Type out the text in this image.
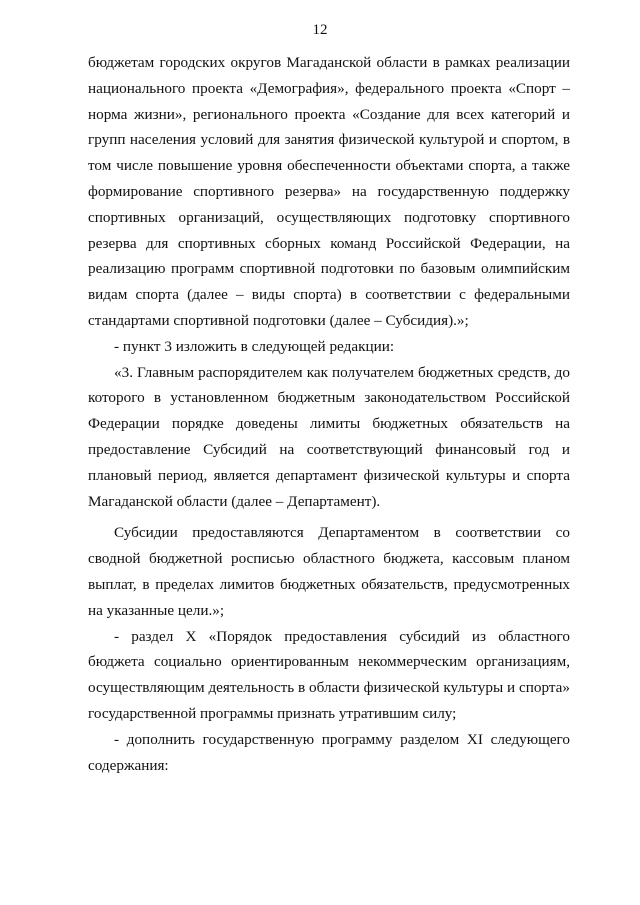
12

бюджетам городских округов Магаданской области в рамках реализации национального проекта «Демография», федерального проекта «Спорт – норма жизни», регионального проекта «Создание для всех категорий и групп населения условий для занятия физической культурой и спортом, в том числе повышение уровня обеспеченности объектами спорта, а также формирование спортивного резерва» на государственную поддержку спортивных организаций, осуществляющих подготовку спортивного резерва для спортивных сборных команд Российской Федерации, на реализацию программ спортивной подготовки по базовым олимпийским видам спорта (далее – виды спорта) в соответствии с федеральными стандартами спортивной подготовки (далее – Субсидия).»;

- пункт 3 изложить в следующей редакции:

«3. Главным распорядителем как получателем бюджетных средств, до которого в установленном бюджетным законодательством Российской Федерации порядке доведены лимиты бюджетных обязательств на предоставление Субсидий на соответствующий финансовый год и плановый период, является департамент физической культуры и спорта Магаданской области (далее – Департамент).

Субсидии предоставляются Департаментом в соответствии со сводной бюджетной росписью областного бюджета, кассовым планом выплат, в пределах лимитов бюджетных обязательств, предусмотренных на указанные цели.»;

- раздел X «Порядок предоставления субсидий из областного бюджета социально ориентированным некоммерческим организациям, осуществляющим деятельность в области физической культуры и спорта» государственной программы признать утратившим силу;

- дополнить государственную программу разделом XI следующего содержания:
